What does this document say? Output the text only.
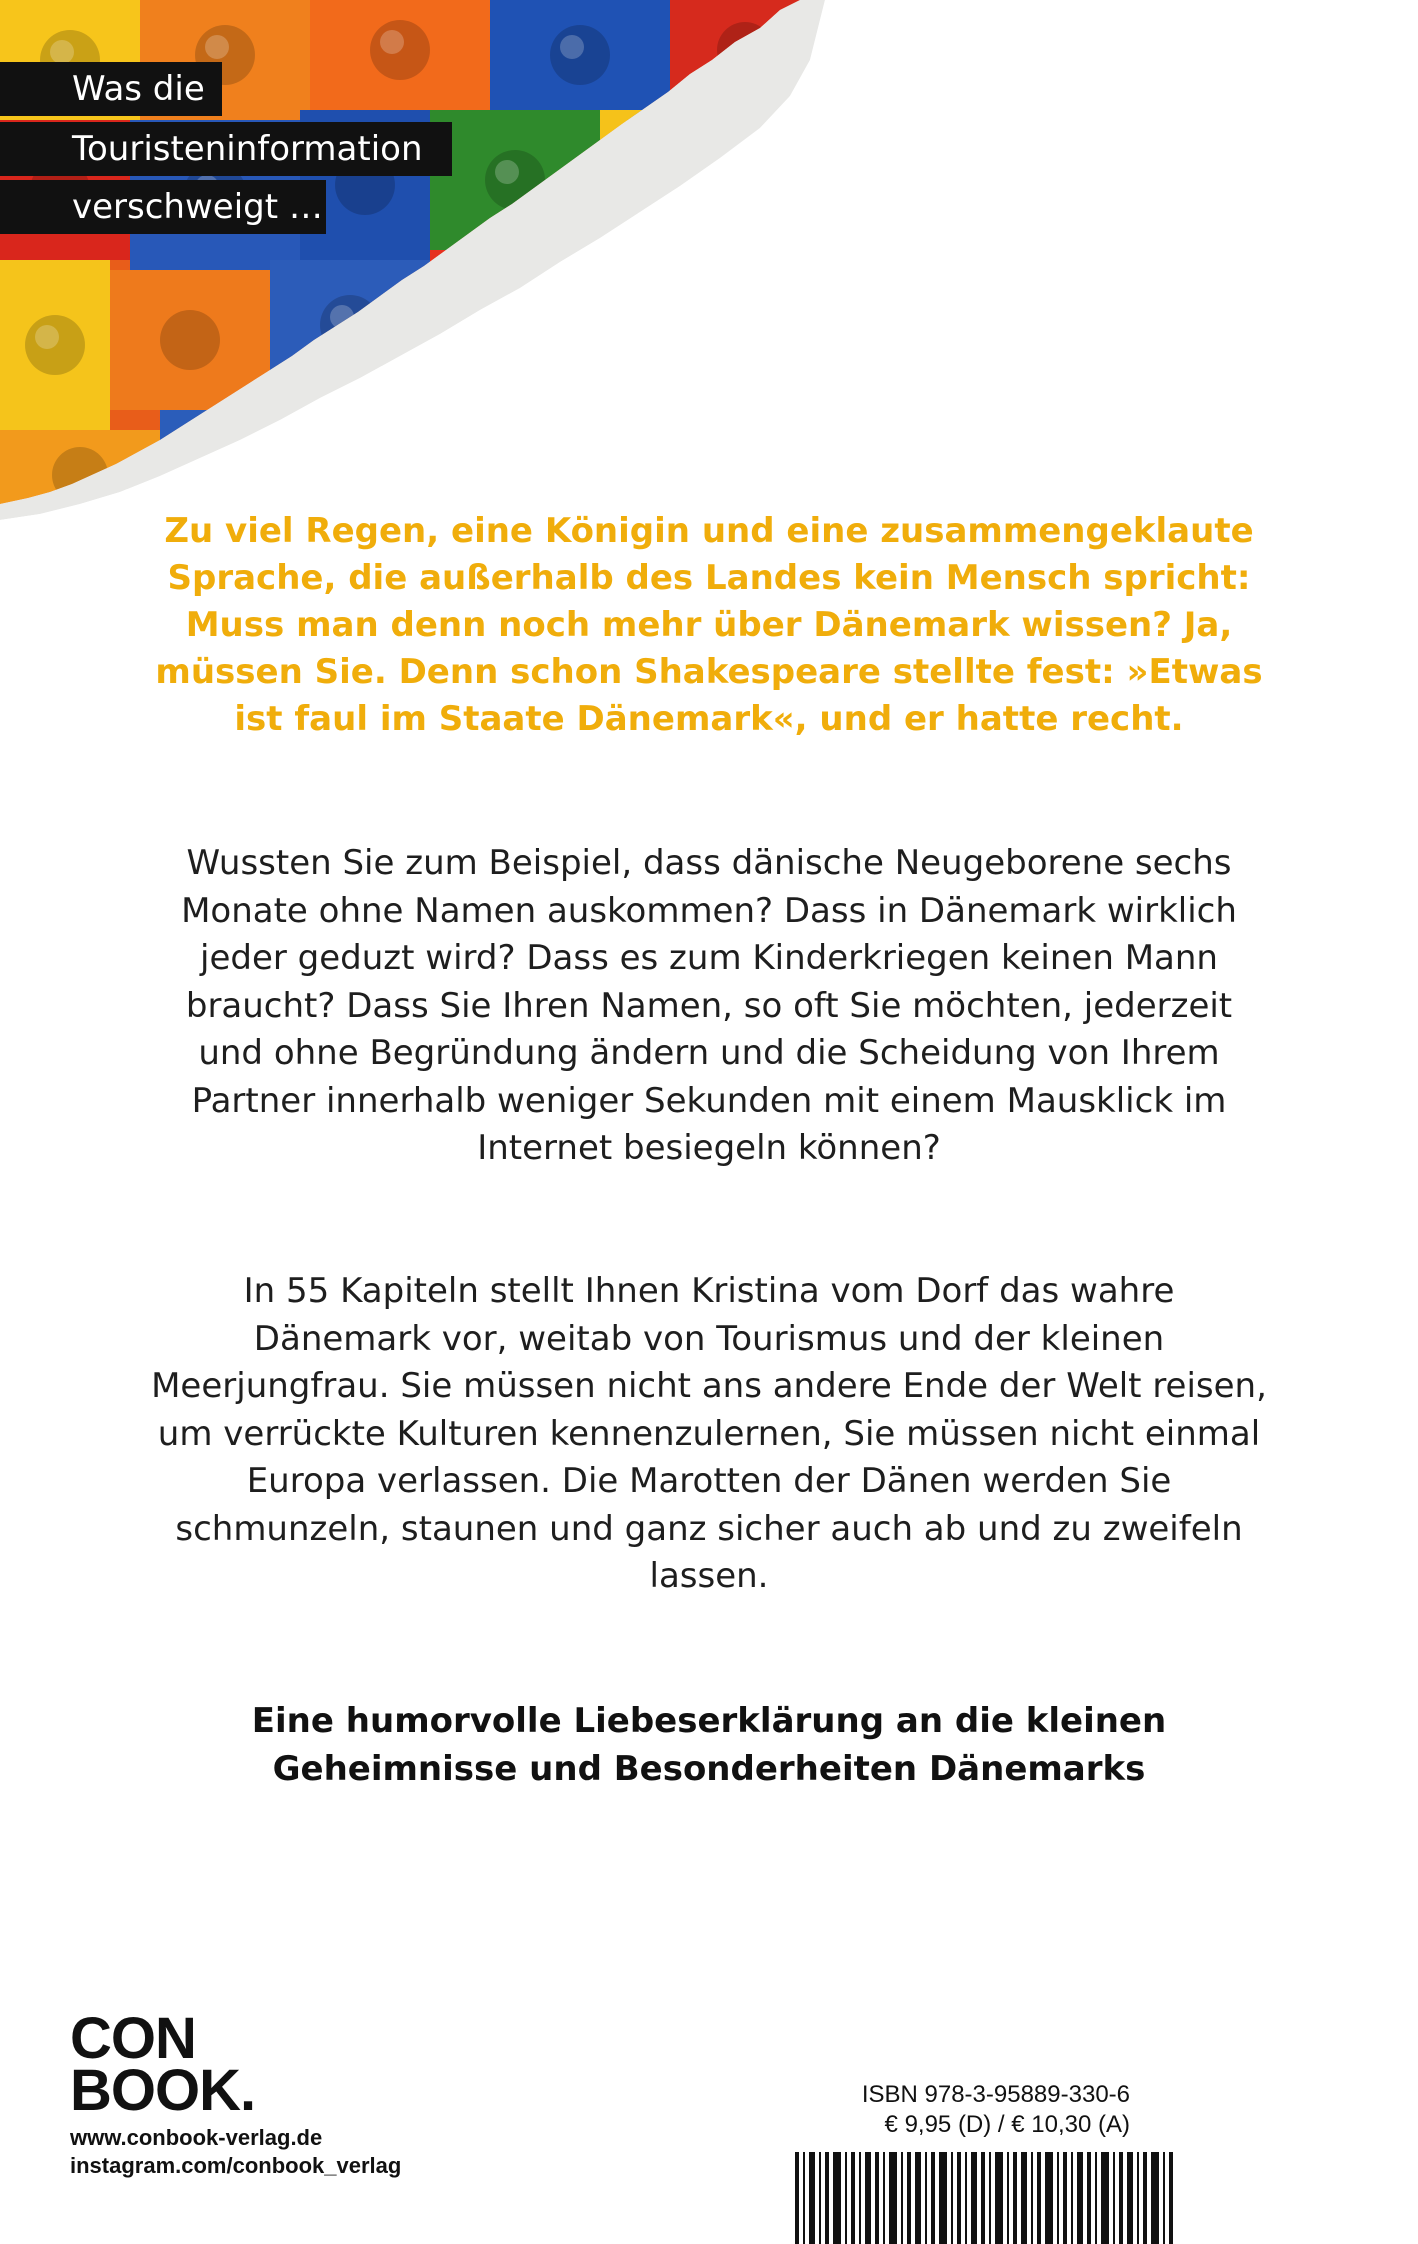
Was die
Touristeninformation
verschweigt …

Zu viel Regen, eine Königin und eine zusammengeklaute Sprache, die außerhalb des Landes kein Mensch spricht: Muss man denn noch mehr über Dänemark wissen? Ja, müssen Sie. Denn schon Shakespeare stellte fest: »Etwas ist faul im Staate Dänemark«, und er hatte recht.

Wussten Sie zum Beispiel, dass dänische Neugeborene sechs Monate ohne Namen auskommen? Dass in Dänemark wirklich jeder geduzt wird? Dass es zum Kinderkriegen keinen Mann braucht? Dass Sie Ihren Namen, so oft Sie möchten, jederzeit und ohne Begründung ändern und die Scheidung von Ihrem Partner innerhalb weniger Sekunden mit einem Mausklick im Internet besiegeln können?

In 55 Kapiteln stellt Ihnen Kristina vom Dorf das wahre Dänemark vor, weitab von Tourismus und der kleinen Meerjungfrau. Sie müssen nicht ans andere Ende der Welt reisen, um verrückte Kulturen kennenzulernen, Sie müssen nicht einmal Europa verlassen. Die Marotten der Dänen werden Sie schmunzeln, staunen und ganz sicher auch ab und zu zweifeln lassen.

Eine humorvolle Liebeserklärung an die kleinen Geheimnisse und Besonderheiten Dänemarks

CON
BOOK.
www.conbook-verlag.de
instagram.com/conbook_verlag
ISBN 978-3-95889-330-6
€ 9,95 (D) / € 10,30 (A)
